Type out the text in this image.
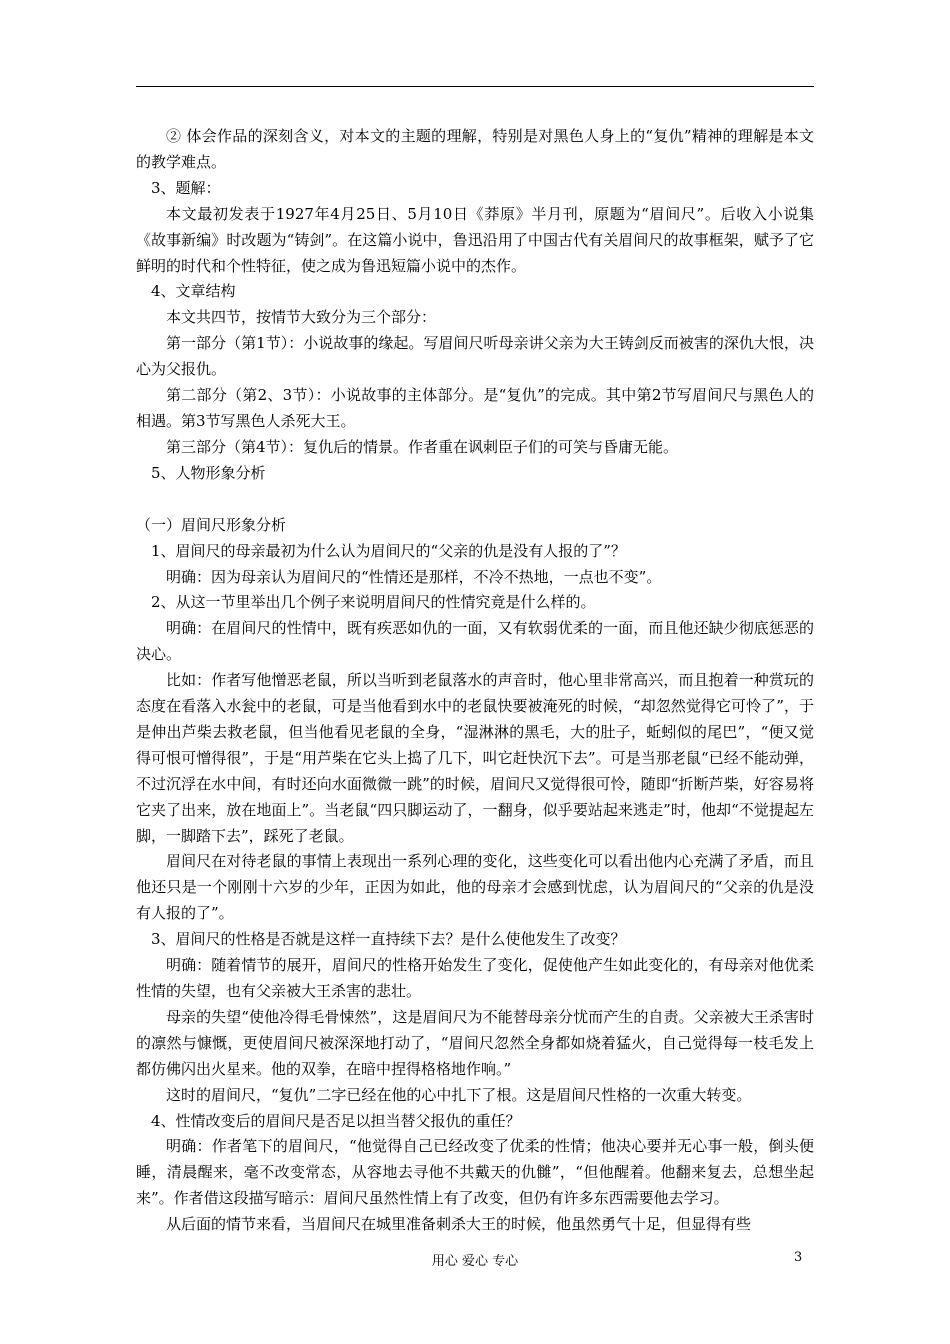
② 体会作品的深刻含义，对本文的主题的理解，特别是对黑色人身上的“复仇”精神的理解是本文的教学难点。

3、题解：

本文最初发表于1927年4月25日、5月10日《莽原》半月刊，原题为“眉间尺”。后收入小说集《故事新编》时改题为“铸剑”。在这篇小说中，鲁迅沿用了中国古代有关眉间尺的故事框架，赋予了它鲜明的时代和个性特征，使之成为鲁迅短篇小说中的杰作。

4、文章结构

本文共四节，按情节大致分为三个部分：

第一部分（第1节）：小说故事的缘起。写眉间尺听母亲讲父亲为大王铸剑反而被害的深仇大恨，决心为父报仇。

第二部分（第2、3节）：小说故事的主体部分。是“复仇”的完成。其中第2节写眉间尺与黑色人的相遇。第3节写黑色人杀死大王。

第三部分（第4节）：复仇后的情景。作者重在讽刺臣子们的可笑与昏庸无能。

5、人物形象分析

（一）眉间尺形象分析

1、眉间尺的母亲最初为什么认为眉间尺的“父亲的仇是没有人报的了”？

明确：因为母亲认为眉间尺的“性情还是那样，不冷不热地，一点也不变”。

2、从这一节里举出几个例子来说明眉间尺的性情究竟是什么样的。

明确：在眉间尺的性情中，既有疾恶如仇的一面，又有软弱优柔的一面，而且他还缺少彻底惩恶的决心。

比如：作者写他憎恶老鼠，所以当听到老鼠落水的声音时，他心里非常高兴，而且抱着一种赏玩的态度在看落入水瓮中的老鼠，可是当他看到水中的老鼠快要被淹死的时候，“却忽然觉得它可怜了”，于是伸出芦柴去救老鼠，但当他看见老鼠的全身，“湿淋淋的黑毛，大的肚子，蚯蚓似的尾巴”，“便又觉得可恨可憎得很”，于是“用芦柴在它头上捣了几下，叫它赶快沉下去”。可是当那老鼠“已经不能动弹，不过沉浮在水中间，有时还向水面微微一跳”的时候，眉间尺又觉得很可怜，随即“折断芦柴，好容易将它夹了出来，放在地面上”。当老鼠“四只脚运动了，一翻身，似乎要站起来逃走”时，他却“不觉提起左脚，一脚踏下去”，踩死了老鼠。

眉间尺在对待老鼠的事情上表现出一系列心理的变化，这些变化可以看出他内心充满了矛盾，而且他还只是一个刚刚十六岁的少年，正因为如此，他的母亲才会感到忧虑，认为眉间尺的“父亲的仇是没有人报的了”。

3、眉间尺的性格是否就是这样一直持续下去？是什么使他发生了改变？

明确：随着情节的展开，眉间尺的性格开始发生了变化，促使他产生如此变化的，有母亲对他优柔性情的失望，也有父亲被大王杀害的悲壮。

母亲的失望“使他冷得毛骨悚然”，这是眉间尺为不能替母亲分忧而产生的自责。父亲被大王杀害时的凛然与慷慨，更使眉间尺被深深地打动了，“眉间尺忽然全身都如烧着猛火，自己觉得每一枝毛发上都仿佛闪出火星来。他的双拳，在暗中捏得格格地作响。”

这时的眉间尺，“复仇”二字已经在他的心中扎下了根。这是眉间尺性格的一次重大转变。

4、性情改变后的眉间尺是否足以担当替父报仇的重任？

明确：作者笔下的眉间尺，“他觉得自己已经改变了优柔的性情；他决心要并无心事一般，倒头便睡，清晨醒来，毫不改变常态，从容地去寻他不共戴天的仇雠”，“但他醒着。他翻来复去，总想坐起来”。作者借这段描写暗示：眉间尺虽然性情上有了改变，但仍有许多东西需要他去学习。

从后面的情节来看，当眉间尺在城里准备刺杀大王的时候，他虽然勇气十足，但显得有些

用心 爱心 专心	3
